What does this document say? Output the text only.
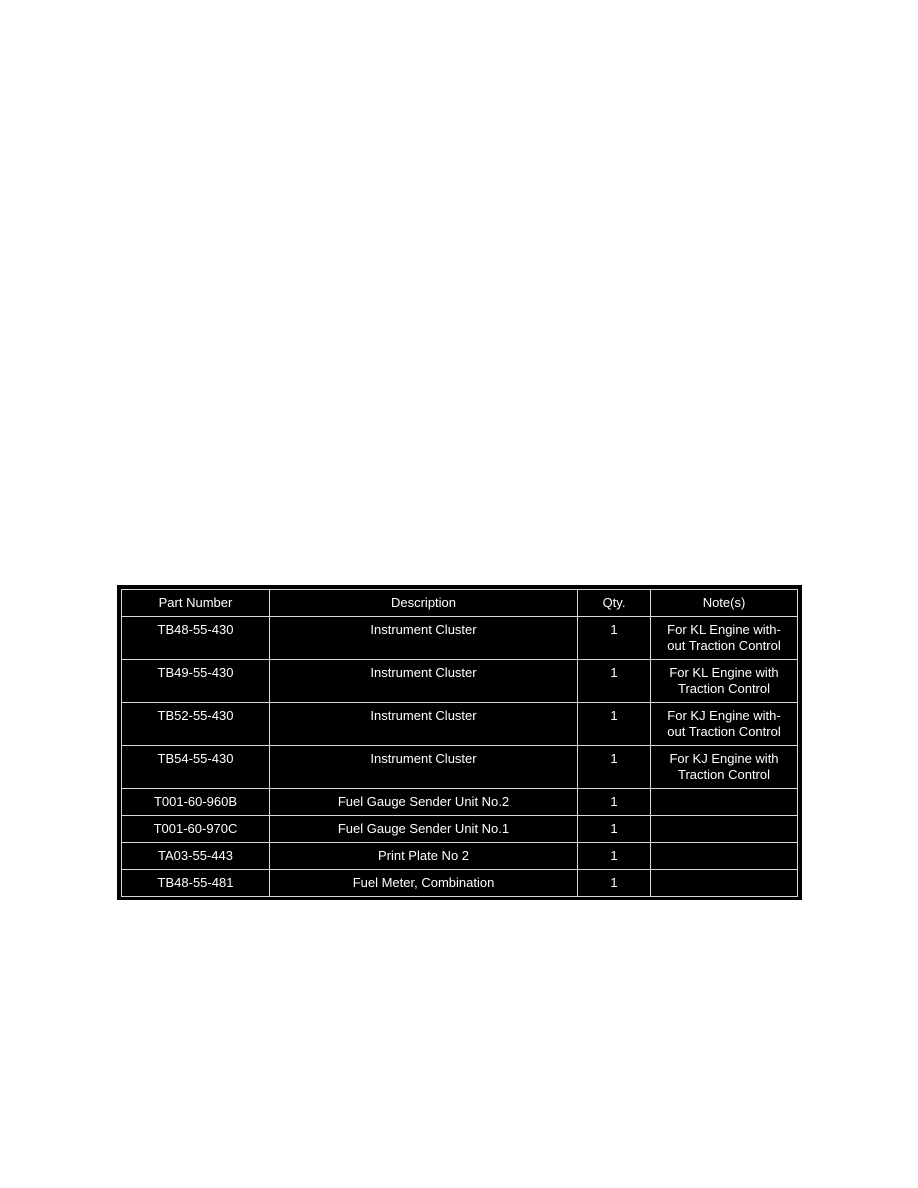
Part Number	Description	Qty.	Note(s)
TB48-55-430	Instrument Cluster	1	For KL Engine with-
out Traction Control
TB49-55-430	Instrument Cluster	1	For KL Engine with
Traction Control
TB52-55-430	Instrument Cluster	1	For KJ Engine with-
out Traction Control
TB54-55-430	Instrument Cluster	1	For KJ Engine with
Traction Control
T001-60-960B	Fuel Gauge Sender Unit No.2	1	
T001-60-970C	Fuel Gauge Sender Unit No.1	1	
TA03-55-443	Print Plate No 2	1	
TB48-55-481	Fuel Meter, Combination	1	
